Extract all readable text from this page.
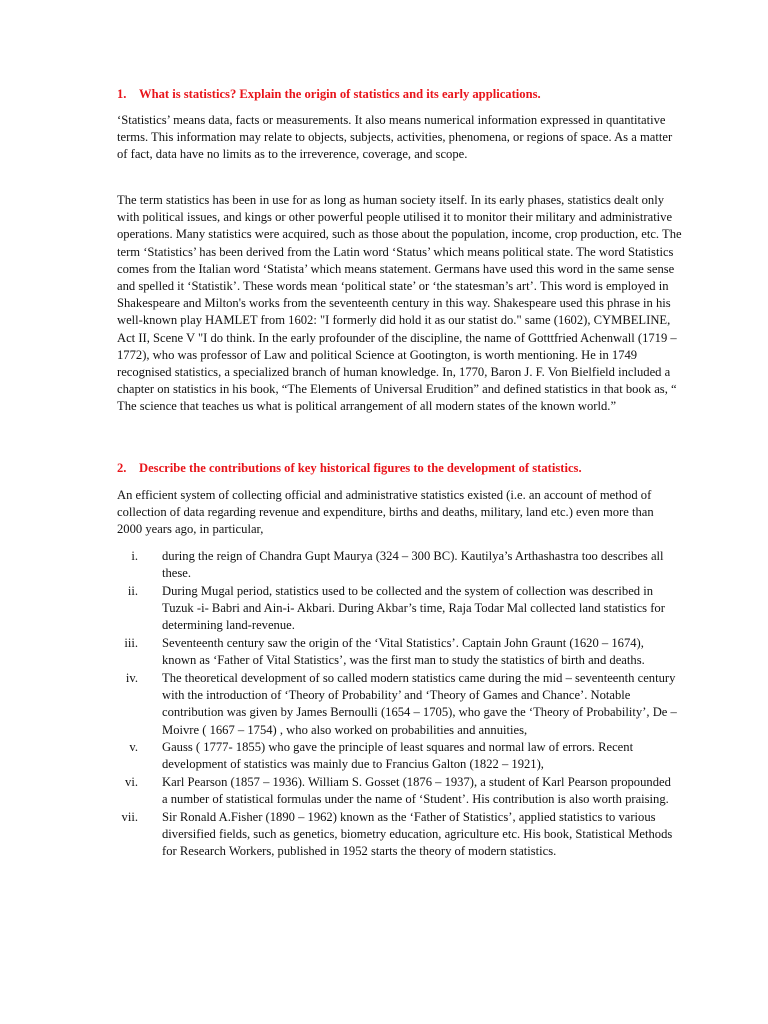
1. What is statistics? Explain the origin of statistics and its early applications.

‘Statistics’ means data, facts or measurements. It also means numerical information expressed in quantitative terms. This information may relate to objects, subjects, activities, phenomena, or regions of space. As a matter of fact, data have no limits as to the irreverence, coverage, and scope.

The term statistics has been in use for as long as human society itself. In its early phases, statistics dealt only with political issues, and kings or other powerful people utilised it to monitor their military and administrative operations. Many statistics were acquired, such as those about the population, income, crop production, etc. The term ‘Statistics’ has been derived from the Latin word ‘Status’ which means political state. The word Statistics comes from the Italian word ‘Statista’ which means statement. Germans have used this word in the same sense and spelled it ‘Statistik’. These words mean ‘political state’ or ‘the statesman’s art’. This word is employed in Shakespeare and Milton's works from the seventeenth century in this way. Shakespeare used this phrase in his well-known play HAMLET from 1602: "I formerly did hold it as our statist do." same (1602), CYMBELINE, Act II, Scene V "I do think. In the early profounder of the discipline, the name of Gotttfried Achenwall (1719 – 1772), who was professor of Law and political Science at Gootington, is worth mentioning. He in 1749 recognised statistics, a specialized branch of human knowledge. In, 1770, Baron J. F. Von Bielfield included a chapter on statistics in his book, “The Elements of Universal Erudition” and defined statistics in that book as, “ The science that teaches us what is political arrangement of all modern states of the known world.”

2. Describe the contributions of key historical figures to the development of statistics.

An efficient system of collecting official and administrative statistics existed (i.e. an account of method of collection of data regarding revenue and expenditure, births and deaths, military, land etc.) even more than 2000 years ago, in particular,

i. during the reign of Chandra Gupt Maurya (324 – 300 BC). Kautilya’s Arthashastra too describes all these.
ii. During Mugal period, statistics used to be collected and the system of collection was described in Tuzuk -i- Babri and Ain-i- Akbari. During Akbar’s time, Raja Todar Mal collected land statistics for determining land-revenue.
iii. Seventeenth century saw the origin of the ‘Vital Statistics’. Captain John Graunt (1620 – 1674), known as ‘Father of Vital Statistics’, was the first man to study the statistics of birth and deaths.
iv. The theoretical development of so called modern statistics came during the mid – seventeenth century with the introduction of ‘Theory of Probability’ and ‘Theory of Games and Chance’. Notable contribution was given by James Bernoulli (1654 – 1705), who gave the ‘Theory of Probability’, De – Moivre ( 1667 – 1754) , who also worked on probabilities and annuities,
v. Gauss ( 1777- 1855) who gave the principle of least squares and normal law of errors. Recent development of statistics was mainly due to Francius Galton (1822 – 1921),
vi. Karl Pearson (1857 – 1936). William S. Gosset (1876 – 1937), a student of Karl Pearson propounded a number of statistical formulas under the name of ‘Student’. His contribution is also worth praising.
vii. Sir Ronald A.Fisher (1890 – 1962) known as the ‘Father of Statistics’, applied statistics to various diversified fields, such as genetics, biometry education, agriculture etc. His book, Statistical Methods for Research Workers, published in 1952 starts the theory of modern statistics.
